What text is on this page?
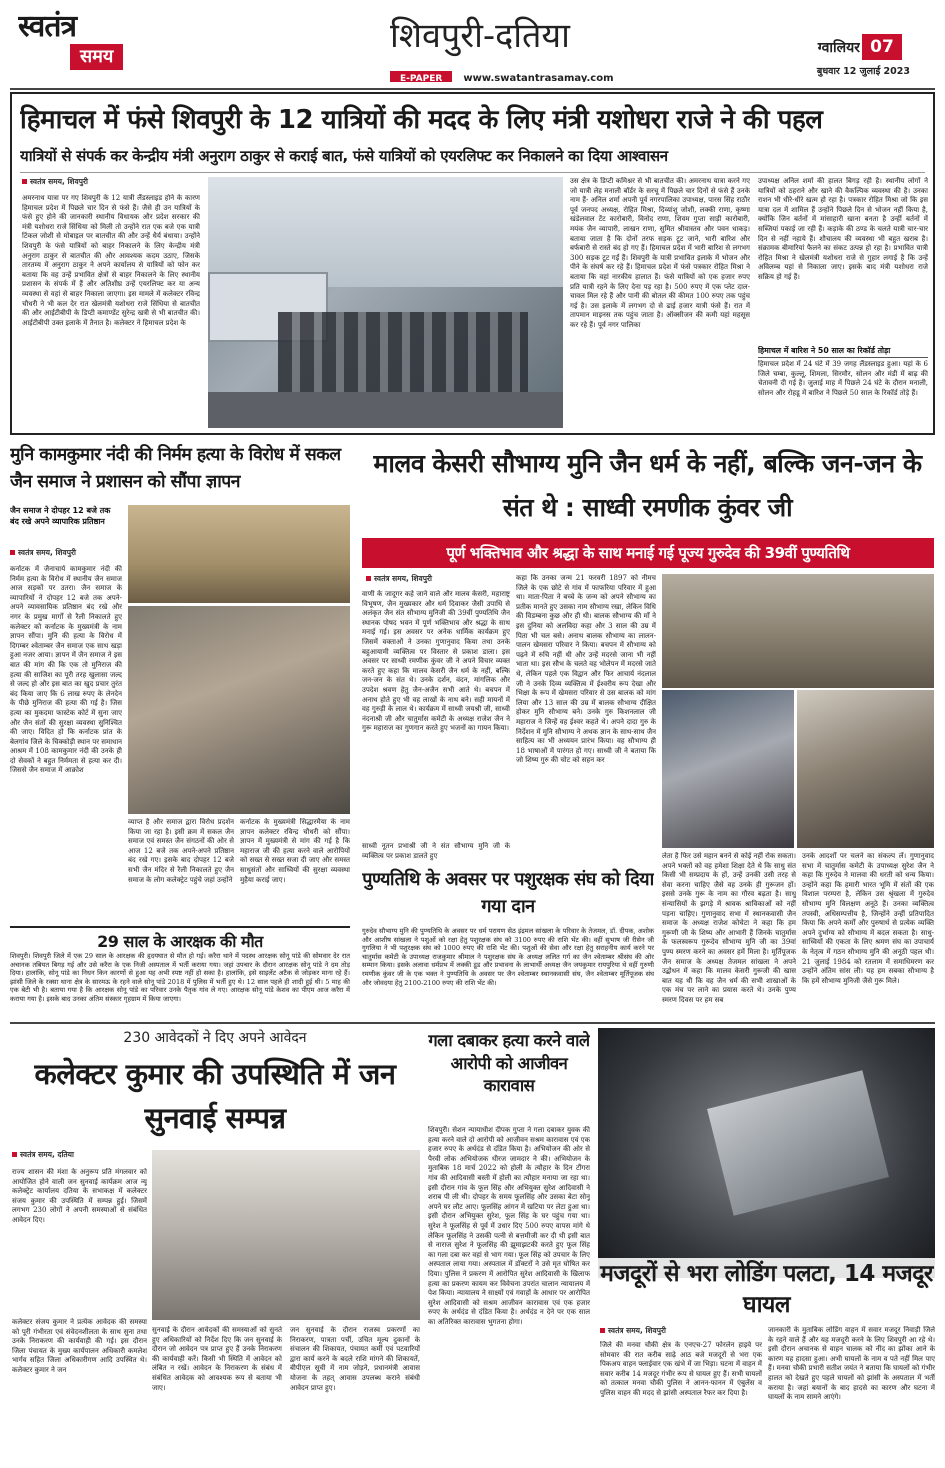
स्वतंत्र
समय
शिवपुरी-दतिया
E-PAPER www.swatantrasamay.com
ग्वालियर 07
बुधवार 12 जुलाई 2023
हिमाचल में फंसे शिवपुरी के 12 यात्रियों की मदद के लिए मंत्री यशोधरा राजे ने की पहल
यात्रियों से संपर्क कर केन्द्रीय मंत्री अनुराग ठाकुर से कराई बात, फंसे यात्रियों को एयरलिफ्ट कर निकालने का दिया आश्वासन
स्वतंत्र समय, शिवपुरी
अमरनाथ यात्रा पर गए शिवपुरी के 12 यात्री लैंडस्लाइड होने के कारण हिमाचल प्रदेश में पिछले चार दिन से फंसे हैं। जैसे ही उन यात्रियों के फंसे हुए होने की जानकारी स्थानीय विधायक और प्रदेश सरकार की मंत्री यशोधरा राजे सिंधिया को मिली तो उन्होंने रात एक बजे एक यात्री टिंकल जोशी से मोबाइल पर बातचीत की और उन्हें धैर्य बंधाया। उन्होंने शिवपुरी के फंसे यात्रियों को बाहर निकालने के लिए केन्द्रीय मंत्री अनुराग ठाकुर से बातचीत की और आवश्यक कदम उठाए, जिसके तारतम्य में अनुराग ठाकुर ने अपने कार्यालय से यात्रियों को फोन कर बताया कि वह उन्हें प्रभावित क्षेत्रों से बाहर निकालने के लिए स्थानीय प्रशासन के संपर्क में हैं और अतिशीघ्र उन्हें एयरलिफ्ट कर या अन्य व्यवस्था से वहां से बाहर निकाला जाएगा। इस मामले में कलेक्टर रविन्द्र चौधरी ने भी कल देर रात खेलमंत्री यशोधरा राजे सिंधिया से बातचीत की और आईटीबीपी के डिप्टी कमाण्डेंट सुरेन्द्र खत्री से भी बातचीत की। आईटीबीपी उक्त इलाके में तैनात है। कलेक्टर ने हिमाचल प्रदेश के
उस क्षेत्र के डिप्टी कमिश्नर से भी बातचीत की। अमरनाथ यात्रा करने गए जो यात्री लेह मनाली बॉर्डर के सरचू में पिछले चार दिनों से फंसे हैं उनके नाम हैं- अनिल शर्मा अपनी पूर्व नगरपालिका उपाध्यक्ष, पारस सिंह राठौर पूर्व जनपद अध्यक्ष, रोहित मिश्रा, दिव्यांशु जोशी, लक्की राणा, कृष्णा खंडेलवाल टेंट कारोबारी, विनोद राणा, शिवम गुप्ता साड़ी कारोबारी, मयंक जैन व्यापारी, लाखन राणा, सुमित श्रीवास्तव और पवन धाकड़। बताया जाता है कि दोनों तरफ सड़क टूट जाने, भारी बारिश और बर्फबारी से रास्ते बंद हो गए हैं। हिमाचल प्रदेश में भारी बारिश से लगभग 300 सड़क टूट गईं हैं। शिवपुरी के यात्री प्रभावित इलाके में भोजन और पीने के संघर्ष कर रहे हैं। हिमाचल प्रदेश में फंसे पत्रकार रोहित मिश्रा ने बताया कि वहां नारकीय हालात हैं। फंसे यात्रियों को एक हजार रुपए प्रति यात्री रहने के लिए देना पड़ रहा है। 500 रुपए में एक प्लेट दाल-चावल मिल रहे हैं और पानी की बोतल की कीमत 100 रुपए तक पहुंच गई है। उस इलाके में लगभग दो से ढाई हजार यात्री फंसे हैं। रात में तापमान माइनस तक पहुंच जाता है। ऑक्सीजन की कमी यहां महसूस कर रहे हैं। पूर्व नगर पालिका
उपाध्यक्ष अनिल शर्मा की हालत बिगड़ रही है। स्थानीय लोगों ने यात्रियों को ठहराने और खाने की वैकल्पिक व्यवस्था की है। उनका राशन भी धीरे-धीरे खत्म हो रहा है। पत्रकार रोहित मिश्रा जो कि इस यात्रा दल में शामिल हैं उन्होंने पिछले दिन से भोजन नहीं किया है, क्योंकि जिन बर्तनों में मांसाहारी खाना बनता है उन्हीं बर्तनों में सब्जियां पकाई जा रही हैं। कड़ाके की ठण्ड के चलते यात्री चार-चार दिन से नहीं नहाये हैं। शौचालय की व्यवस्था भी बहुत खराब है। संक्रामक बीमारियां फैलने का संकट उत्पन्न हो रहा है। प्रभावित यात्री रोहित मिश्रा ने खेलमंत्री यशोधरा राजे से गुहार लगाई है कि उन्हें अविलम्ब यहां से निकाला जाए। इसके बाद मंत्री यशोधरा राजे सक्रिय हो गई हैं।
हिमाचल में बारिश ने 50 साल का रिकॉर्ड तोड़ा
हिमाचल प्रदेश में 24 घंटे में 39 जगह लैंडस्लाइड हुआ। यहां के 6 जिले चम्बा, कुल्लू, शिमला, सिरमौर, सोलन और मंडी में बाढ़ की चेतावनी दी गई है। जुलाई माह में पिछले 24 घंटे के दौरान मनाली, सोलन और रोहडू में बारिश ने पिछले 50 साल के रिकॉर्ड तोड़े हैं।
मुनि कामकुमार नंदी की निर्मम हत्या के विरोध में सकल जैन समाज ने प्रशासन को सौंपा ज्ञापन
जैन समाज ने दोपहर 12 बजे तक बंद रखे अपने व्यापारिक प्रतिष्ठान
स्वतंत्र समय, शिवपुरी
कर्नाटक में जैनाचार्य कामकुमार नंदी की निर्मम हत्या के विरोध में स्थानीय जैन समाज आज सड़कों पर उतरा। जैन समाज के व्यापारियों ने दोपहर 12 बजे तक अपने-अपने व्यावसायिक प्रतिष्ठान बंद रखे और नगर के प्रमुख मार्गों से रैली निकालते हुए कलेक्टर को कर्नाटक के मुख्यमंत्री के नाम ज्ञापन सौंपा। मुनि की हत्या के विरोध में दिगम्बर श्वेताम्बर जैन समाज एक साथ खड़ा हुआ नजर आया। ज्ञापन में जैन समाज ने इस बात की मांग की कि एक तो मुनिराज की हत्या की साजिश का पूरी तरह खुलासा जल्द से जल्द हो और इस बात का खुद प्रचार तुरंत बंद किया जाए कि 6 लाख रुपए के लेनदेन के पीछे मुनिराज की हत्या की गई है। जिस हत्या का मुकदमा फास्टेक कोर्ट में सुना जाए और जैन संतों की सुरक्षा व्यवस्था सुनिश्चित की जाए। विदित हो कि कर्नाटक प्रांत के बेलगांव जिले के चिक्कोड़ी स्थान पर समाधान आश्रम में 108 कामकुमार नंदी की उनके ही दो सेवकों ने बहुत निर्ममता से हत्या कर दी। जिससे जैन समाज में आक्रोश
व्याप्त है और समाज द्वारा विरोध प्रदर्शन किया जा रहा है। इसी क्रम में सकल जैन समाज एवं समस्त जैन संगठनों की ओर से आज 12 बजे तक अपने-अपने प्रतिष्ठान बंद रखे गए। इसके बाद दोपहर 12 बजे सभी जैन मंदिर से रैली निकालते हुए जैन समाज के लोग कलेक्ट्रेट पहुंचे जहां उन्होंने
कर्नाटक के मुख्यमंत्री सिद्धारमैया के नाम ज्ञापन कलेक्टर रविन्द्र चौधरी को सौंपा। ज्ञापन में मुख्यमंत्री से मांग की गई है कि महाराज जी की हत्या करने वाले आरोपियों को सख्त से सख्त सजा दी जाए और समस्त साधुसंतों और साध्वियों की सुरक्षा व्यवस्था मुहैया कराई जाए।
29 साल के आरक्षक की मौत
शिवपुरी। शिवपुरी जिले में एक 29 साल के आरक्षक की हृदयघात से मौत हो गई। करैरा थाने में पदस्थ आरक्षक सोनू पांडे की सोमवार देर रात अचानक तबियत बिगड़ गई और उसे करैरा के एक निजी अस्पताल में भर्ती कराया गया। जहां उपचार के दौरान आरक्षक सोनू पांडे ने दम तोड़ दिया। हालांकि, सोनू पांडे का निधन किन कारणों से हुआ यह अभी स्पष्ट नहीं हो सका है। हालांकि, इसे साइलेंट अटैक से जोड़कर माना रहे हैं। झांसी जिले के रक्सा थाना क्षेत्र के सारमऊ के रहने वाले सोनू पांडे 2018 में पुलिस में भर्ती हुए थे। 12 साल पहले ही शादी हुई थी। 5 माह की एक बेटी भी है। बताया गया है कि आरक्षक सोनू पांडे का परिवार उनके पैतृक गांव ले गए। आरक्षक सोनू पांडे केशव का पीएम आज करैरा में कराया गया है। इसके बाद उनका अंतिम संस्कार गृहग्राम में किया जाएगा।
मालव केसरी सौभाग्य मुनि जैन धर्म के नहीं, बल्कि जन-जन के संत थे : साध्वी रमणीक कुंवर जी
पूर्ण भक्तिभाव और श्रद्धा के साथ मनाई गई पूज्य गुरुदेव की 39वीं पुण्यतिथि
स्वतंत्र समय, शिवपुरी
वाणी के जादूगर कहे जाने वाले और मालव केसरी, महाराष्ट्र विभूषण, जैन मुख्यकार और धर्म दिवाकर जैसी उपाधि से अलंकृत जैन संत सौभाग्य मुनिजी की 39वीं पुण्यतिथि जैन स्थानक पोषद भवन में पूर्ण भक्तिभाव और श्रद्धा के साथ मनाई गई। इस अवसर पर अनेक धार्मिक कार्यक्रम हुए जिसमें वक्ताओं ने उनका गुणानुवाद किया तथा उनके बहुआयामी व्यक्तित्व पर विस्तार से प्रकाश डाला। इस अवसर पर साध्वी रमणीक कुंवर जी ने अपने विचार व्यक्त करते हुए कहा कि मालव केसरी जैन धर्म के नहीं, बल्कि जन-जन के संत थे। उनके दर्शन, वंदन, मांगलिक और उपदेश श्रवण हेतु जैन-अजैन सभी आते थे। बचपन में अनाथ होते हुए भी वह लाखों के नाथ बने। सही मायनों में वह गुरुड़ी के लाल थे। कार्यक्रम में साध्वी जयश्री जी, साध्वी नंदनाश्री जी और चातुर्मास कमेटी के अध्यक्ष राजेश जैन ने गुरू महाराज का गुणगान करते हुए भजनों का गायन किया।
साध्वी नूतन प्रभाश्री जी ने संत सौभाग्य मुनि जी के व्यक्तित्व पर प्रकाश डालते हुए
कहा कि उनका जन्म 21 फरवरी 1897 को नीमच जिले के एक छोटे से गांव में फाफरिया परिवार में हुआ था। माता-पिता ने बच्चे के जन्म को अपने सौभाग्य का प्रतीक मानते हुए उसका नाम सौभाग्य रखा, लेकिन विधि की विडम्बना कुछ और ही थी। बालक सौभाग्य की माँ ने इस दुनिया को अलविदा कहा और 3 साल की उम्र में पिता भी चल बसे। अनाथ बालक सौभाग्य का लालन-पालन खेमसरा परिवार ने किया। बचपन में सौभाग्य को पढ़ने में रुचि नहीं थी और उन्हें मदरसे जाना भी नहीं भाता था। इस सौभ के चलते वह भोलेपन में मदरसे जाते थे, लेकिन पहले एक विद्वान और फिर आचार्य नंदलाल जी ने उनके दिव्य व्यक्तित्व में ईश्वरीय रूप देखा और भिक्षा के रूप में खेमसरा परिवार से उस बालक को मांग लिया और 13 साल की उम्र में बालक सौभाग्य दीक्षित होकर मुनि सौभाग्य बने। उनके गुरु किशनलाल जी महाराज ने जिन्हें वह ईश्वर कहते थे। अपने दादा गुरु के निर्देशन में मुनि सौभाग्य ने अथक ज्ञान के साथ-साथ जैन साहित्य का भी अध्ययन प्रारंभ किया। वह सौभाग्य ही 18 भाषाओं में पारंगत हो गए। साध्वी जी ने बताया कि जो शिष्य गुरु की चोट को सहन कर
पुण्यतिथि के अवसर पर पशुरक्षक संघ को दिया गया दान
गुरुदेव सौभाग्य मुनि की पुण्यतिथि के अवसर पर धर्म परायण सेठ इंद्रमल सांखला के परिवार के तेजमल, डॉ. दीपक, अशोक और आशीष सांखला ने पशुओं को रक्षा हेतु पशुरक्षक संघ को 3100 रुपए की राशि भेंट की। वहीं सुभाष जी रीसेन जी गुगलिया ने भी पशुरक्षक संघ को 1000 रुपए की राशि भेंट की। पशुओं की सेवा और रक्षा हेतु सराहनीय कार्य करने पर चातुर्मास कमेटी के उपाध्यक्ष राजकुमार श्रीमाल ने पशुरक्षक संघ के अध्यक्ष ललित गर्ग का जैन श्वेताम्बर श्रीसंघ की ओर सम्मान किया। इसके अलावा धर्मप्रभ में लक्की डूड और प्रभावना के लाभार्थी अध्यक्ष जैन जयकुमार रायपुरिया थे वहीं गुरुणी रमणीक कुंवर जी के एक भक्त ने पुण्यतिथि के अवसर पर जैन श्वेताम्बर स्थानकवासी संघ, जैन श्वेताम्बर मूर्तिपूजक संघ और जोवदया हेतु 2100-2100 रुपए की राशि भेंट की।
लेता है फिर उसे महान बनने से कोई नहीं रोक सकता। अपने भक्तों को वह हमेशा शिक्षा देते थे कि साधु संत किसी भी सम्प्रदाय के हों, उन्हें उनकी उसी तरह से सेवा करना चाहिए जैसे वह उनके ही गुरूजन हों। इससे उनके गुरू के नाम का गौरव बढ़ता है। साधु संन्यासियों के झगड़े में श्रावक श्राविकाओं को नहीं पड़ना चाहिए। गुणानुवाद सभा में स्थानकवासी जैन समाज के अध्यक्ष राजेश कोचेटा ने कहा कि हम गुरूणी जी के शिष्य और आभारी हैं जिनके चातुर्मास के फलस्वरूप गुरूदेव सौभाग्य मुनि जी का 39वां पुण्य स्मरण करने का अवसर हमें मिला है। मूर्तिपूजक जैन समाज के अध्यक्ष तेजमल सांखला ने अपने उद्बोधन में कहा कि मालव केसरी गुरूजी की खास बात यह थी कि वह जैन धर्म की सभी शाखाओं के एक मंच पर लाने का प्रयास करते थे। उनके पुण्य स्मरण दिवस पर हम सब
उनके आदर्शों पर चलने का संकल्प लें। गुणानुवाद सभा में चातुर्मास कमेटी के उपाध्यक्ष सुरेश जैन ने कहा कि गुरुदेव ने मालवा की धरती को धन्य किया। उन्होंने कहा कि हमारी भारत भूमि में संतों की एक विशाल परम्परा है, लेकिन उस श्रृंखला में गुरुदेव सौभाग्य मुनि विलक्षण अनूठे हैं। उनका व्यक्तित्व तपस्वी, अधिसम्पत्तीय है, जिन्होंने उन्हीं प्रतिपादित किया कि अपने कर्मों और पुरुषार्थ से प्रत्येक व्यक्ति अपने दुर्भाग्य को सौभाग्य में बदल सकता है। साधु-साध्वियों की एकता के लिए श्रमण संघ का उपाचार्य के नेतृत्व में गठन सौभाग्य मुनि की अनूठी पहल थी। 21 जुलाई 1984 को रतलाम में समाधिमरण कर उन्होंने अंतिम सांस ली। यह हम सबका सौभाग्य है कि हमें सौभाग्य मुनिजी जैसे गुरू मिले।
230 आवेदकों ने दिए अपने आवेदन
कलेक्टर कुमार की उपस्थिति में जन सुनवाई सम्पन्न
स्वतंत्र समय, दतिया
राज्य शासन की मंशा के अनुरूप प्रति मंगलवार को आयोजित होने वाली जन सुनवाई कार्यक्रम आज न्यू कलेक्ट्रेट कार्यालय दतिया के सभाकक्ष में कलेक्टर संजय कुमार की उपस्थिति में सम्पन्न हुई। जिसमें लगभग 230 लोगों ने अपनी समस्याओं से संबंधित आवेदन दिए।
कलेक्टर संजय कुमार ने प्रत्येक आवेदक की समस्या को पूरी गंभीरता एवं संवेदनशीलता के साथ सुना तथा उनके निराकरण की कार्यवाही की गई। इस दौरान जिला पंचायत के मुख्य कार्यपालन अधिकारी कमलेश भार्गव सहित जिला अधिकारीगण आदि उपस्थित थे। कलेक्टर कुमार ने जन
सुनवाई के दौरान आवेदकों की समस्याओं को सुनते हुए अधिकारियों को निर्देश दिए कि जन सुनवाई के दौरान जो आवेदन पत्र प्राप्त हुए हैं उनके निराकरण की कार्यवाही करें। किसी भी स्थिति में आवेदन को लंबित न रखें। आवेदन के निराकरण के संबंध में संबंधित आवेदक को आवश्यक रूप से बताया भी जाए।
जन सुनवाई के दौरान राजस्व प्रकरणों का निराकरण, पात्रता पर्ची, उचित मूल्य दुकानों के संचालन की शिकायत, पंचायत कर्मी एवं पटवारियों द्वारा कार्य करने के बदले राशि मांगने की शिकायतें, बीपीएल सूची में नाम जोड़ने, प्रधानमंत्री आवास योजना के तहत् आवास उपलब्ध कराने संबंधी आवेदन प्राप्त हुए।
गला दबाकर हत्या करने वाले आरोपी को आजीवन कारावास
शिवपुरी। सेशन न्यायाधीश दीपक गुप्ता ने गला दबाकर युवक की हत्या करने वाले दो आरोपी को आजीवन सश्रम कारावास एवं एक हजार रुपए के अर्थदंड से दंडित किया है। अभियोजन की ओर से पैरवी लोक अभियोजक धीरज जामदार ने की। अभियोजन के मुताबिक 18 मार्च 2022 को होली के त्यौहार के दिन टौंगरा गांव की आदिवासी बस्ती में होली का त्यौहार मनाया जा रहा था। इसी दौरान गांव के फूल सिंह और अभियुक्त सुरेश आदिवासी ने शराब पी ली थी। दोपहर के समय फूलसिंह और उसका बेटा सोनू अपने घर लौट आए। फूलसिंह आंगन में खटिया पर लेटा हुआ था। इसी दौरान अभियुक्त सुरेश, फूल सिंह के घर पहुंच गया था। सुरेश ने फूलसिंह से पूर्व में उधार दिए 500 रुपए वापस मांगे थे लेकिन फूलसिंह ने उसकी पत्नी से बत्तमीजी कर दी थी इसी बात से नाराज सुरेश ने फूलसिंह की झूमाझटकी करते हुए फूल सिंह का गला दबा कर वहां से भाग गया। फूल सिंह को उपचार के लिए अस्पताल लाया गया। अस्पताल में डॉक्टरों ने उसे मृत घोषित कर दिया। पुलिस ने प्रकरण में आरोपित सुरेश आदिवासी के खिलाफ हत्या का प्रकरण कायम कर विवेचना उपरांत चालान न्यायालय में पेश किया। न्यायालय ने साक्ष्यों एवं गवाहों के आधार पर आरोपित सुरेश आदिवासी को सश्रम आजीवन कारावास एवं एक हजार रुपए के अर्थदंड से दंडित किया है। अर्थदंड न देने पर एक साल का अतिरिक्त कारावास भुगतना होगा।
मजदूरों से भरा लोडिंग पलटा, 14 मजदूर घायल
स्वतंत्र समय, शिवपुरी
जिले की मनवा चौकी क्षेत्र के एनएच-27 फोरलेन हाइवे पर सोमवार की रात करीब साढ़े आठ बजे मजदूरों से भरा एक पिकअप वाहन फ्लाईवार एक खंभे में जा भिड़ा। घटना में वाहन में सवार करीब 14 मजदूर गंभीर रूप से घायल हुए हैं। सभी घायलों को तत्काल मनवा चौकी पुलिस ने आनन-फानन में एंबुलेंस व पुलिस वाहन की मदद से झांसी अस्पताल रैफर कर दिया है।
जानकारी के मुताबिक लोडिंग वाहन में सवार मजदूर निवाड़ी जिले के रहने वाले हैं और यह मजदूरी करने के लिए शिवपुरी आ रहे थे। इसी दौरान अचानक से वाहन चालक को नींद का झोंका आने के कारण यह हादसा हुआ। अभी घायलों के नाम व पते नहीं मिल पाए हैं। मनवा चौकी प्रभारी सतीश जयंत ने बताया कि घायलों को गंभीर हालत को देखते हुए पहले घायलों को झांसी के अस्पताल में भर्ती कराया है। जहां बयानों के बाद हादसे का कारण और घटना में घायलों के नाम सामने आएंगे।
